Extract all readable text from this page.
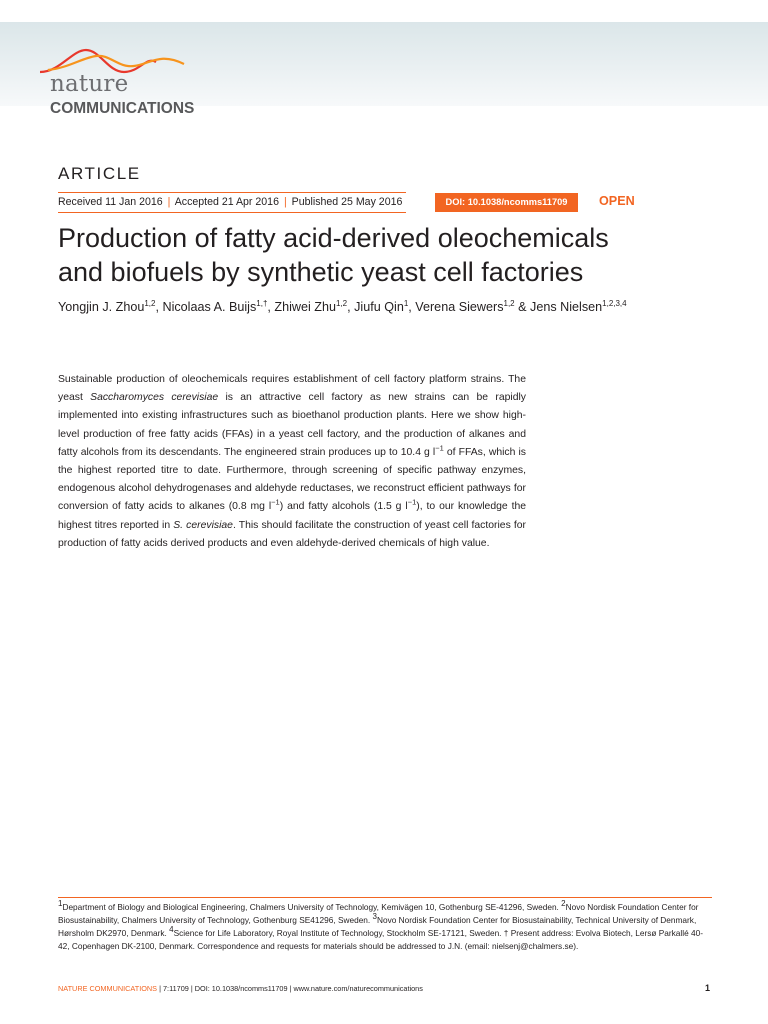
nature
COMMUNICATIONS
ARTICLE
Received 11 Jan 2016 | Accepted 21 Apr 2016 | Published 25 May 2016	DOI: 10.1038/ncomms11709	OPEN
Production of fatty acid-derived oleochemicals
and biofuels by synthetic yeast cell factories
Yongjin J. Zhou$^{1,2}$, Nicolaas A. Buijs$^{1,\dagger}$, Zhiwei Zhu$^{1,2}$, Jiufu Qin$^1$, Verena Siewers$^{1,2}$ & Jens Nielsen$^{1,2,3,4}$

Sustainable production of oleochemicals requires establishment of cell factory platform strains. The yeast Saccharomyces cerevisiae is an attractive cell factory as new strains can be rapidly implemented into existing infrastructures such as bioethanol production plants. Here we show high-level production of free fatty acids (FFAs) in a yeast cell factory, and the production of alkanes and fatty alcohols from its descendants. The engineered strain produces up to 10.4 g $l^{-1}$ of FFAs, which is the highest reported titre to date. Furthermore, through screening of specific pathway enzymes, endogenous alcohol dehydrogenases and aldehyde reductases, we reconstruct efficient pathways for conversion of fatty acids to alkanes (0.8 mg $l^{-1}$) and fatty alcohols (1.5 g $l^{-1}$), to our knowledge the highest titres reported in S. cerevisiae. This should facilitate the construction of yeast cell factories for production of fatty acids derived products and even aldehyde-derived chemicals of high value.

$^1$Department of Biology and Biological Engineering, Chalmers University of Technology, Kemivägen 10, Gothenburg SE-41296, Sweden. $^2$Novo Nordisk Foundation Center for Biosustainability, Chalmers University of Technology, Gothenburg SE41296, Sweden. $^3$Novo Nordisk Foundation Center for Biosustainability, Technical University of Denmark, Hørsholm DK2970, Denmark. $^4$Science for Life Laboratory, Royal Institute of Technology, Stockholm SE-17121, Sweden. † Present address: Evolva Biotech, Lersø Parkallé 40-42, Copenhagen DK-2100, Denmark. Correspondence and requests for materials should be addressed to J.N. (email: nielsenj@chalmers.se).

NATURE COMMUNICATIONS | 7:11709 | DOI: 10.1038/ncomms11709 | www.nature.com/naturecommunications	1
